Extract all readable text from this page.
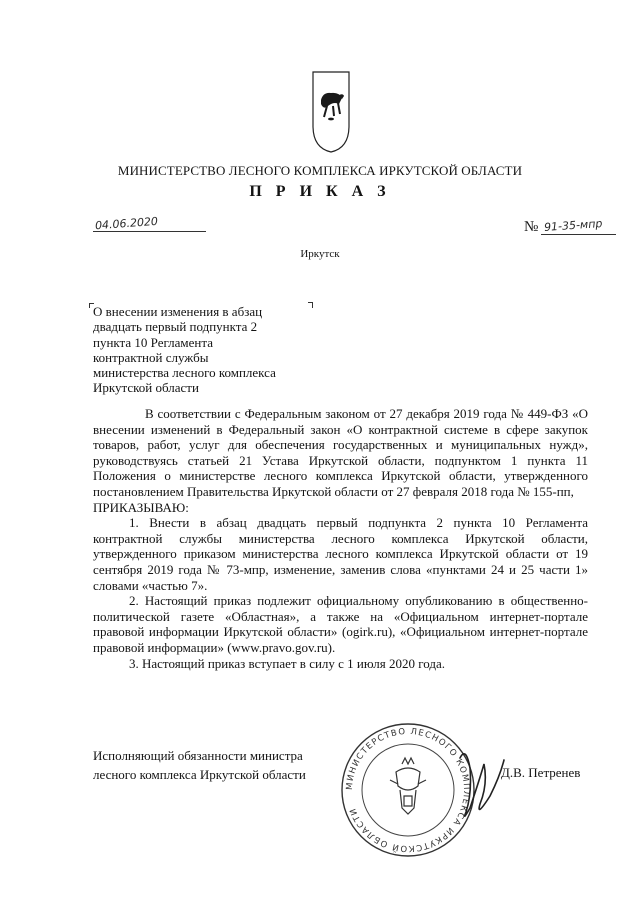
МИНИСТЕРСТВО ЛЕСНОГО КОМПЛЕКСА ИРКУТСКОЙ ОБЛАСТИ
П Р И К А З
04.06.2020	№ 91-35-мпр
Иркутск
О внесении изменения в абзац
двадцать первый подпункта 2
пункта 10 Регламента
контрактной службы
министерства лесного комплекса
Иркутской области

В соответствии с Федеральным законом от 27 декабря 2019 года № 449-ФЗ «О внесении изменений в Федеральный закон «О контрактной системе в сфере закупок товаров, работ, услуг для обеспечения государственных и муниципальных нужд», руководствуясь статьей 21 Устава Иркутской области, подпунктом 1 пункта 11 Положения о министерстве лесного комплекса Иркутской области, утвержденного постановлением Правительства Иркутской области от 27 февраля 2018 года № 155-пп,

ПРИКАЗЫВАЮ:

1. Внести в абзац двадцать первый подпункта 2 пункта 10 Регламента контрактной службы министерства лесного комплекса Иркутской области, утвержденного приказом министерства лесного комплекса Иркутской области от 19 сентября 2019 года № 73-мпр, изменение, заменив слова «пунктами 24 и 25 части 1» словами «частью 7».

2. Настоящий приказ подлежит официальному опубликованию в общественно-политической газете «Областная», а также на «Официальном интернет-портале правовой информации Иркутской области» (ogirk.ru), «Официальном интернет-портале правовой информации» (www.pravo.gov.ru).

3. Настоящий приказ вступает в силу с 1 июля 2020 года.

МИНИСТЕРСТВО ЛЕСНОГО КОМПЛЕКСА ИРКУТСКОЙ ОБЛАСТИ
Исполняющий обязанности министра
лесного комплекса Иркутской области	Д.В. Петренев
